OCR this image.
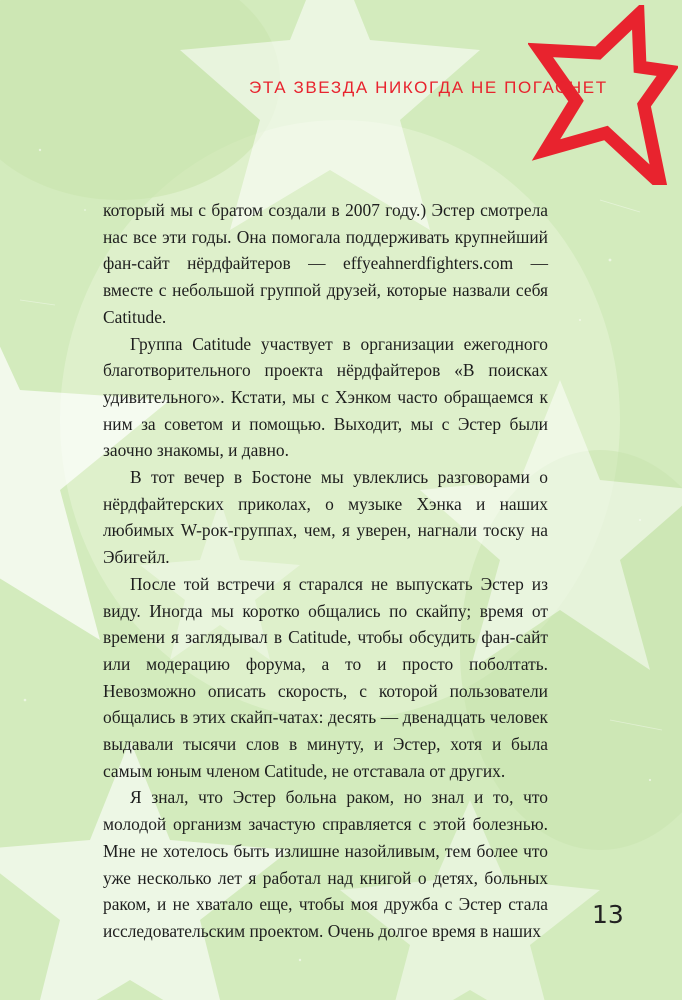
ЭТА ЗВЕЗДА НИКОГДА НЕ ПОГАСНЕТ

который мы с братом создали в 2007 году.) Эстер смотрела нас все эти годы. Она помогала поддерживать крупнейший фан-сайт нёрдфайтеров — effyeahnerdfighters.com — вместе с небольшой группой друзей, которые назвали себя Catitude.

Группа Catitude участвует в организации ежегодного благотворительного проекта нёрдфайтеров «В поисках удивительного». Кстати, мы с Хэнком часто обращаемся к ним за советом и помощью. Выходит, мы с Эстер были заочно знакомы, и давно.

В тот вечер в Бостоне мы увлеклись разговорами о нёрдфайтерских приколах, о музыке Хэнка и наших любимых W-рок-группах, чем, я уверен, нагнали тоску на Эбигейл.

После той встречи я старался не выпускать Эстер из виду. Иногда мы коротко общались по скайпу; время от времени я заглядывал в Catitude, чтобы обсудить фан-сайт или модерацию форума, а то и просто поболтать. Невозможно описать скорость, с которой пользователи общались в этих скайп-чатах: десять — двенадцать человек выдавали тысячи слов в минуту, и Эстер, хотя и была самым юным членом Catitude, не отставала от других.

Я знал, что Эстер больна раком, но знал и то, что молодой организм зачастую справляется с этой болезнью. Мне не хотелось быть излишне назойливым, тем более что уже несколько лет я работал над книгой о детях, больных раком, и не хватало еще, чтобы моя дружба с Эстер стала исследовательским проектом. Очень долгое время в наших

13
